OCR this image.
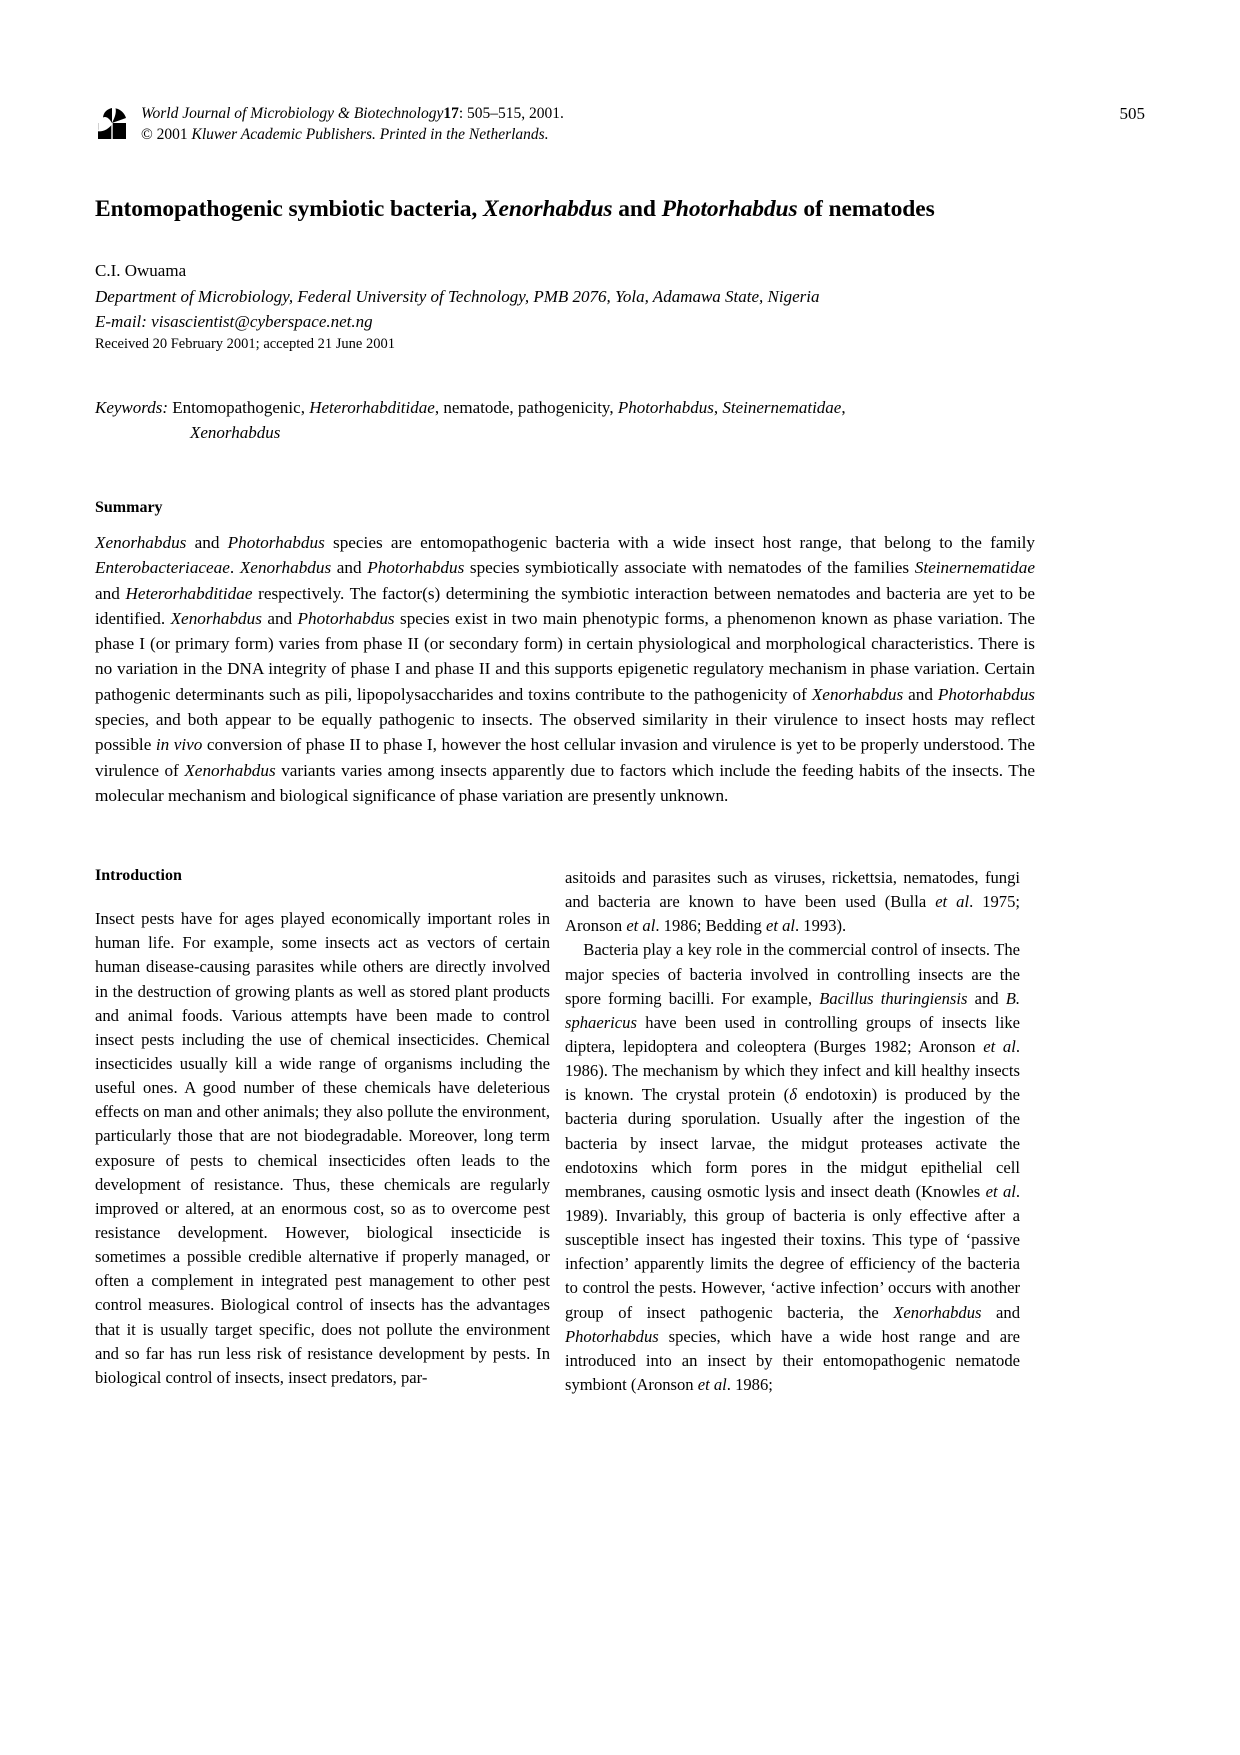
World Journal of Microbiology & Biotechnology17: 505–515, 2001.
© 2001 Kluwer Academic Publishers. Printed in the Netherlands.
505
Entomopathogenic symbiotic bacteria, Xenorhabdus and Photorhabdus of nematodes
C.I. Owuama
Department of Microbiology, Federal University of Technology, PMB 2076, Yola, Adamawa State, Nigeria
E-mail: visascientist@cyberspace.net.ng
Received 20 February 2001; accepted 21 June 2001
Keywords: Entomopathogenic, Heterorhabditidae, nematode, pathogenicity, Photorhabdus, Steinernematidae,
Xenorhabdus
Summary
Xenorhabdus and Photorhabdus species are entomopathogenic bacteria with a wide insect host range, that belong to the family Enterobacteriaceae. Xenorhabdus and Photorhabdus species symbiotically associate with nematodes of the families Steinernematidae and Heterorhabditidae respectively. The factor(s) determining the symbiotic interaction between nematodes and bacteria are yet to be identified. Xenorhabdus and Photorhabdus species exist in two main phenotypic forms, a phenomenon known as phase variation. The phase I (or primary form) varies from phase II (or secondary form) in certain physiological and morphological characteristics. There is no variation in the DNA integrity of phase I and phase II and this supports epigenetic regulatory mechanism in phase variation. Certain pathogenic determinants such as pili, lipopolysaccharides and toxins contribute to the pathogenicity of Xenorhabdus and Photorhabdus species, and both appear to be equally pathogenic to insects. The observed similarity in their virulence to insect hosts may reflect possible in vivo conversion of phase II to phase I, however the host cellular invasion and virulence is yet to be properly understood. The virulence of Xenorhabdus variants varies among insects apparently due to factors which include the feeding habits of the insects. The molecular mechanism and biological significance of phase variation are presently unknown.
Introduction

Insect pests have for ages played economically important roles in human life. For example, some insects act as vectors of certain human disease-causing parasites while others are directly involved in the destruction of growing plants as well as stored plant products and animal foods. Various attempts have been made to control insect pests including the use of chemical insecticides. Chemical insecticides usually kill a wide range of organisms including the useful ones. A good number of these chemicals have deleterious effects on man and other animals; they also pollute the environment, particularly those that are not biodegradable. Moreover, long term exposure of pests to chemical insecticides often leads to the development of resistance. Thus, these chemicals are regularly improved or altered, at an enormous cost, so as to overcome pest resistance development. However, biological insecticide is sometimes a possible credible alternative if properly managed, or often a complement in integrated pest management to other pest control measures. Biological control of insects has the advantages that it is usually target specific, does not pollute the environment and so far has run less risk of resistance development by pests. In biological control of insects, insect predators, par-

asitoids and parasites such as viruses, rickettsia, nematodes, fungi and bacteria are known to have been used (Bulla et al. 1975; Aronson et al. 1986; Bedding et al. 1993).

Bacteria play a key role in the commercial control of insects. The major species of bacteria involved in controlling insects are the spore forming bacilli. For example, Bacillus thuringiensis and B. sphaericus have been used in controlling groups of insects like diptera, lepidoptera and coleoptera (Burges 1982; Aronson et al. 1986). The mechanism by which they infect and kill healthy insects is known. The crystal protein (δ endotoxin) is produced by the bacteria during sporulation. Usually after the ingestion of the bacteria by insect larvae, the midgut proteases activate the endotoxins which form pores in the midgut epithelial cell membranes, causing osmotic lysis and insect death (Knowles et al. 1989). Invariably, this group of bacteria is only effective after a susceptible insect has ingested their toxins. This type of ‘passive infection’ apparently limits the degree of efficiency of the bacteria to control the pests. However, ‘active infection’ occurs with another group of insect pathogenic bacteria, the Xenorhabdus and Photorhabdus species, which have a wide host range and are introduced into an insect by their entomopathogenic nematode symbiont (Aronson et al. 1986;
